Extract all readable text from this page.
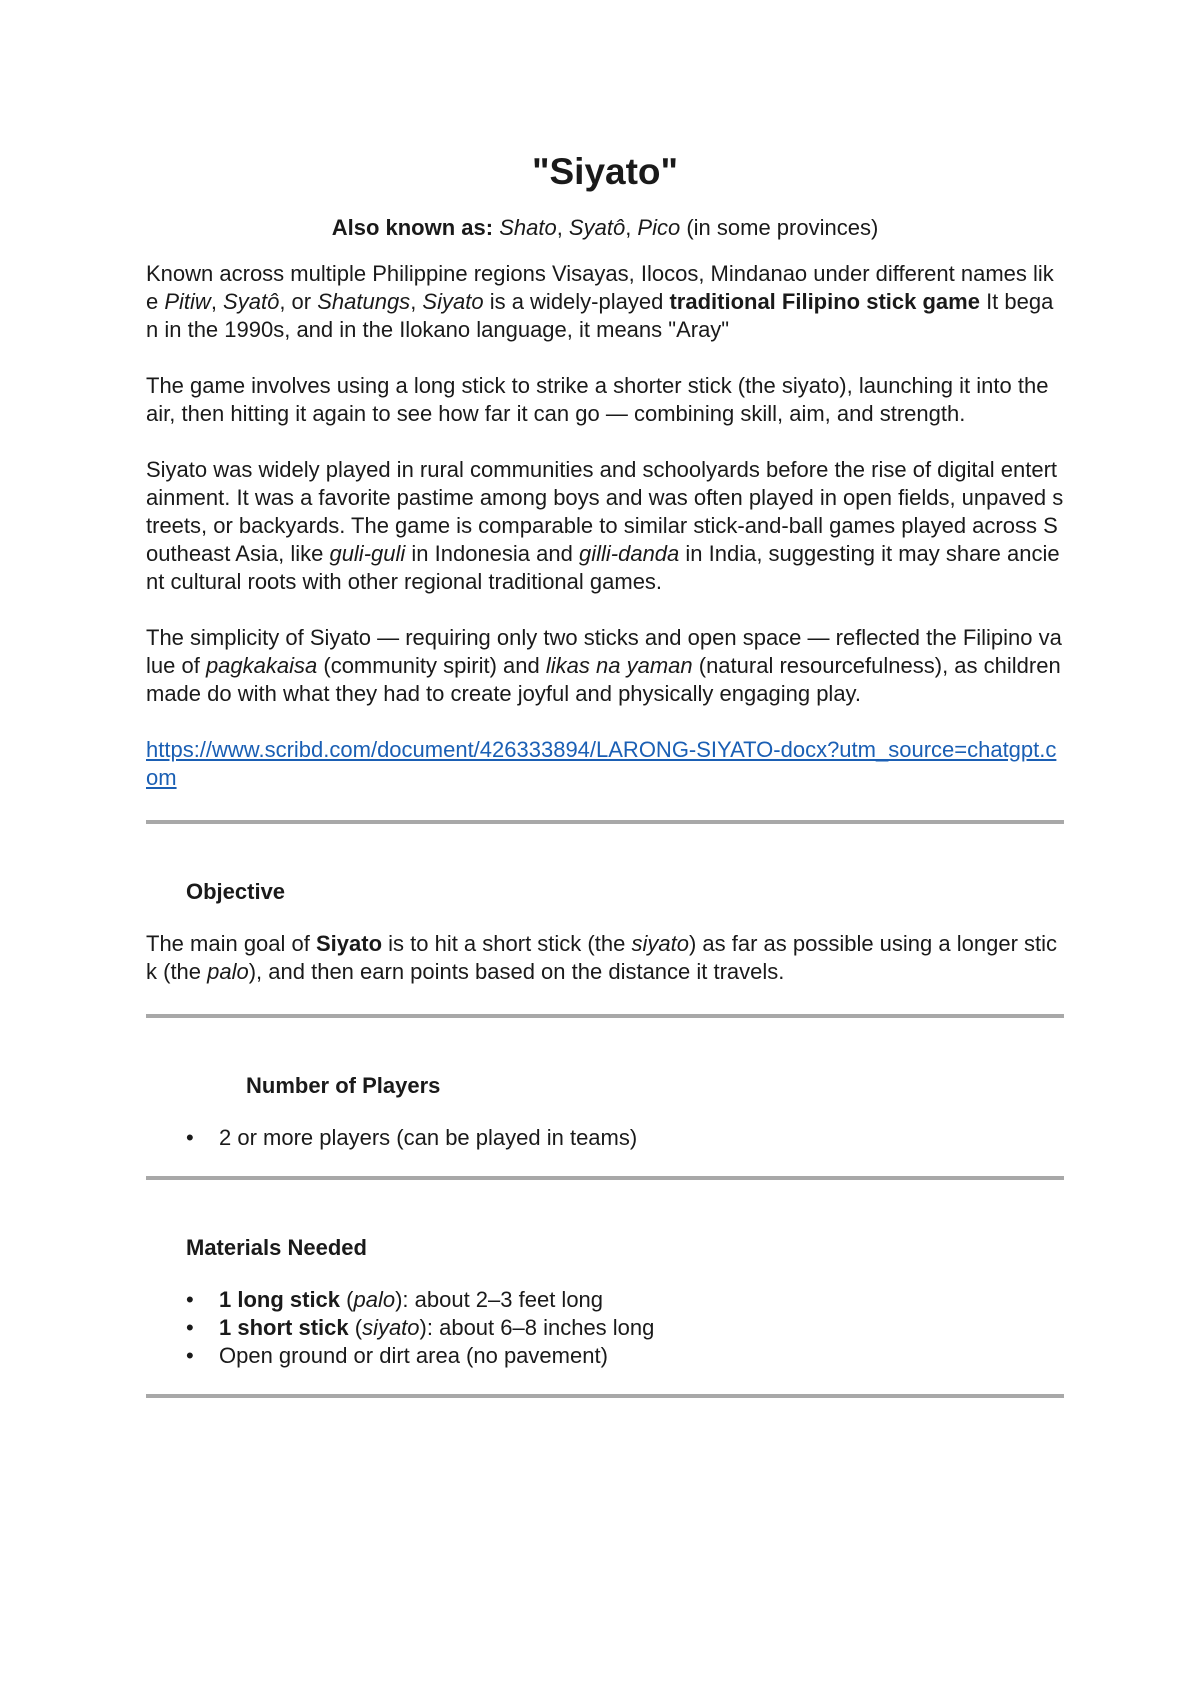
"Siyato"
Also known as: Shato, Syatô, Pico (in some provinces)

Known across multiple Philippine regions Visayas, Ilocos, Mindanao under different names like Pitiw, Syatô, or Shatungs, Siyato is a widely-played traditional Filipino stick game It began in the 1990s, and in the Ilokano language, it means "Aray"

The game involves using a long stick to strike a shorter stick (the siyato), launching it into the air, then hitting it again to see how far it can go — combining skill, aim, and strength.

Siyato was widely played in rural communities and schoolyards before the rise of digital entertainment. It was a favorite pastime among boys and was often played in open fields, unpaved streets, or backyards. The game is comparable to similar stick-and-ball games played across Southeast Asia, like guli-guli in Indonesia and gilli-danda in India, suggesting it may share ancient cultural roots with other regional traditional games.

The simplicity of Siyato — requiring only two sticks and open space — reflected the Filipino value of pagkakaisa (community spirit) and likas na yaman (natural resourcefulness), as children made do with what they had to create joyful and physically engaging play.

https://www.scribd.com/document/426333894/LARONG-SIYATO-docx?utm_source=chatgpt.com

Objective

The main goal of Siyato is to hit a short stick (the siyato) as far as possible using a longer stick (the palo), and then earn points based on the distance it travels.

Number of Players
• 2 or more players (can be played in teams)
Materials Needed
• 1 long stick (palo): about 2–3 feet long
• 1 short stick (siyato): about 6–8 inches long
• Open ground or dirt area (no pavement)
